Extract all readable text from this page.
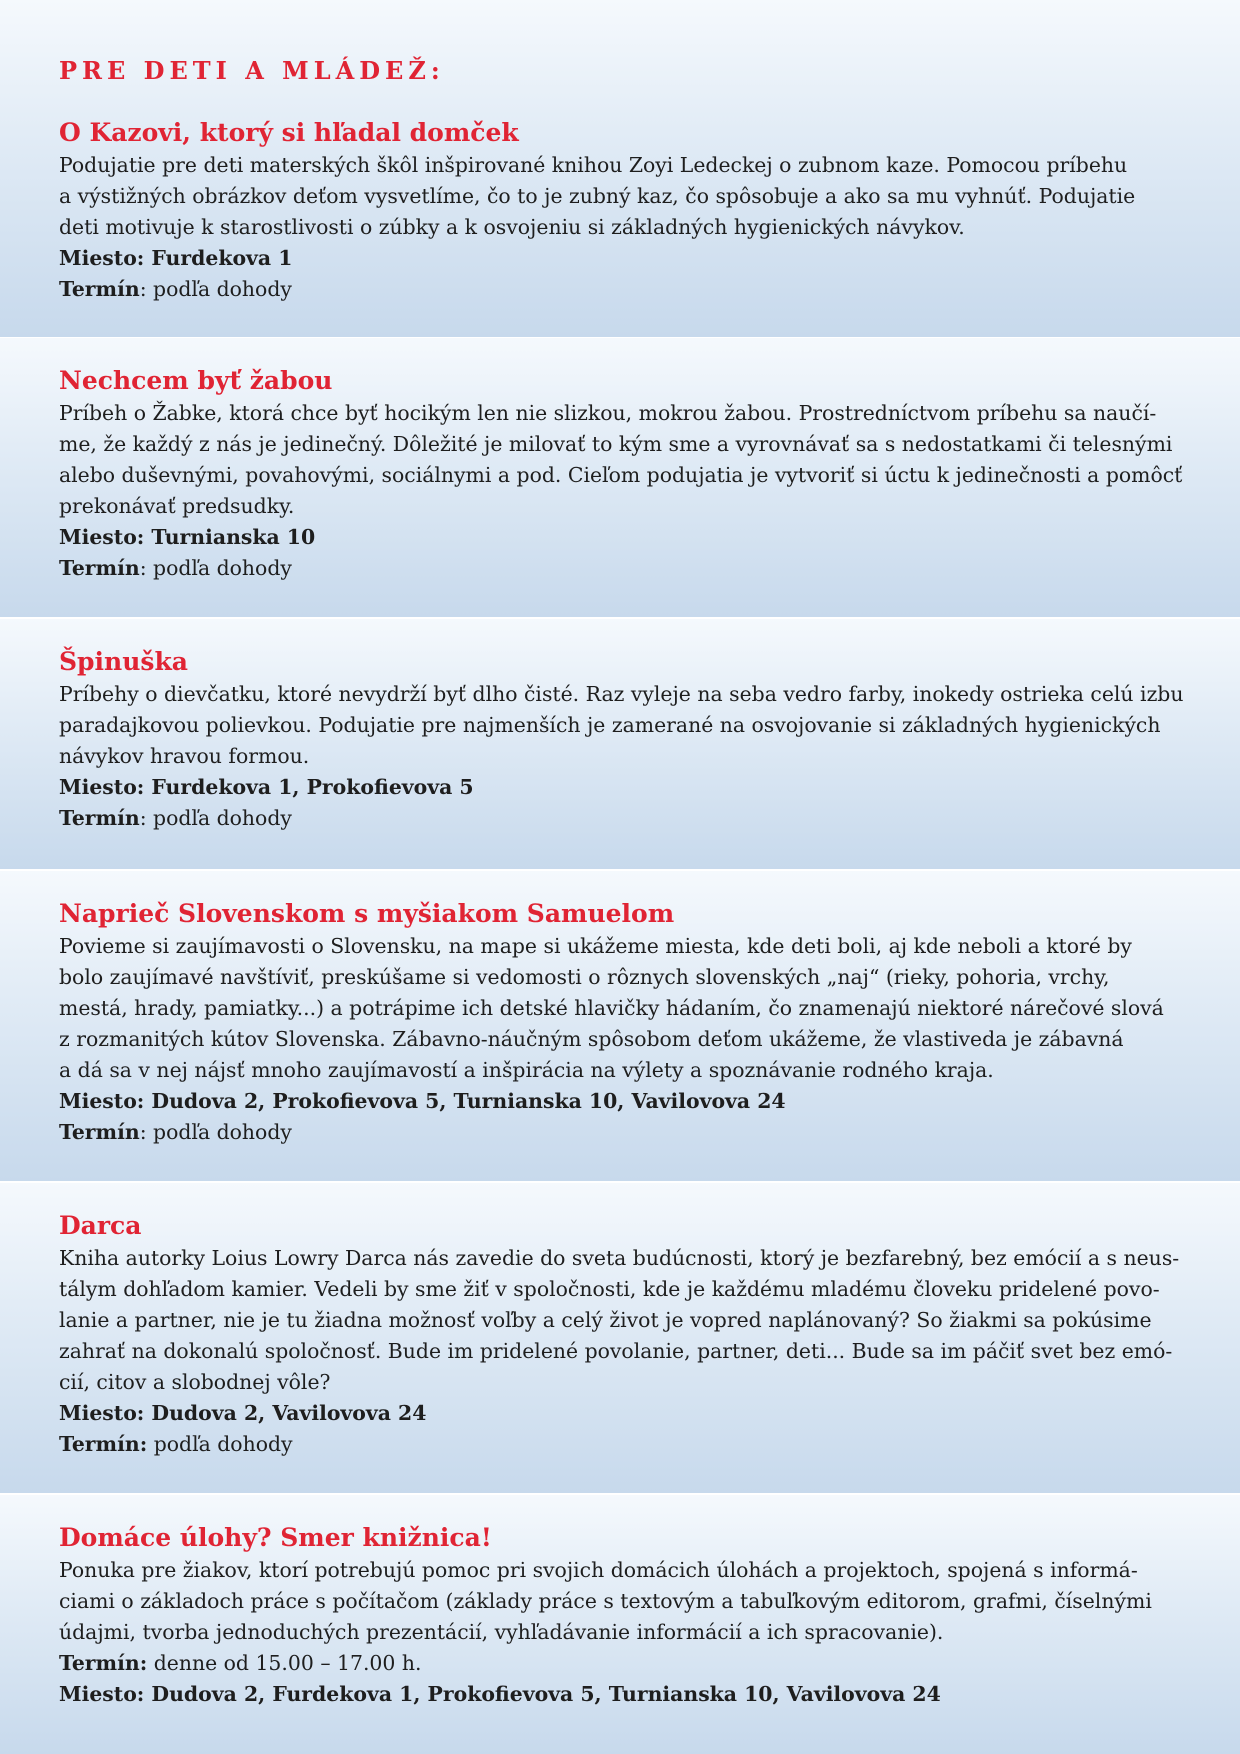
PRE DETI A MLÁDEŽ:
O Kazovi, ktorý si hľadal domček

Podujatie pre deti materských škôl inšpirované knihou Zoyi Ledeckej o zubnom kaze. Pomocou príbehu

a výstižných obrázkov deťom vysvetlíme, čo to je zubný kaz, čo spôsobuje a ako sa mu vyhnúť. Podujatie

deti motivuje k starostlivosti o zúbky a k osvojeniu si základných hygienických návykov.

Miesto: Furdekova 1

Termín: podľa dohody

Nechcem byť žabou

Príbeh o Žabke, ktorá chce byť hocikým len nie slizkou, mokrou žabou. Prostredníctvom príbehu sa naučí-

me, že každý z nás je jedinečný. Dôležité je milovať to kým sme a vyrovnávať sa s nedostatkami či telesnými

alebo duševnými, povahovými, sociálnymi a pod. Cieľom podujatia je vytvoriť si úctu k jedinečnosti a pomôcť

prekonávať predsudky.

Miesto: Turnianska 10

Termín: podľa dohody

Špinuška

Príbehy o dievčatku, ktoré nevydrží byť dlho čisté. Raz vyleje na seba vedro farby, inokedy ostrieka celú izbu

paradajkovou polievkou. Podujatie pre najmenších je zamerané na osvojovanie si základných hygienických

návykov hravou formou.

Miesto: Furdekova 1, Prokofievova 5

Termín: podľa dohody

Naprieč Slovenskom s myšiakom Samuelom

Povieme si zaujímavosti o Slovensku, na mape si ukážeme miesta, kde deti boli, aj kde neboli a ktoré by

bolo zaujímavé navštíviť, preskúšame si vedomosti o rôznych slovenských „naj“ (rieky, pohoria, vrchy,

mestá, hrady, pamiatky...) a potrápime ich detské hlavičky hádaním, čo znamenajú niektoré nárečové slová

z rozmanitých kútov Slovenska. Zábavno-náučným spôsobom deťom ukážeme, že vlastiveda je zábavná

a dá sa v nej nájsť mnoho zaujímavostí a inšpirácia na výlety a spoznávanie rodného kraja.

Miesto: Dudova 2, Prokofievova 5, Turnianska 10, Vavilovova 24

Termín: podľa dohody

Darca

Kniha autorky Loius Lowry Darca nás zavedie do sveta budúcnosti, ktorý je bezfarebný, bez emócií a s neus-

tálym dohľadom kamier. Vedeli by sme žiť v spoločnosti, kde je každému mladému človeku pridelené povo-

lanie a partner, nie je tu žiadna možnosť voľby a celý život je vopred naplánovaný? So žiakmi sa pokúsime

zahrať na dokonalú spoločnosť. Bude im pridelené povolanie, partner, deti... Bude sa im páčiť svet bez emó-

cií, citov a slobodnej vôle?

Miesto: Dudova 2, Vavilovova 24

Termín: podľa dohody

Domáce úlohy? Smer knižnica!

Ponuka pre žiakov, ktorí potrebujú pomoc pri svojich domácich úlohách a projektoch, spojená s informá-

ciami o základoch práce s počítačom (základy práce s textovým a tabuľkovým editorom, grafmi, číselnými

údajmi, tvorba jednoduchých prezentácií, vyhľadávanie informácií a ich spracovanie).

Termín: denne od 15.00 – 17.00 h.

Miesto: Dudova 2, Furdekova 1, Prokofievova 5, Turnianska 10, Vavilovova 24
